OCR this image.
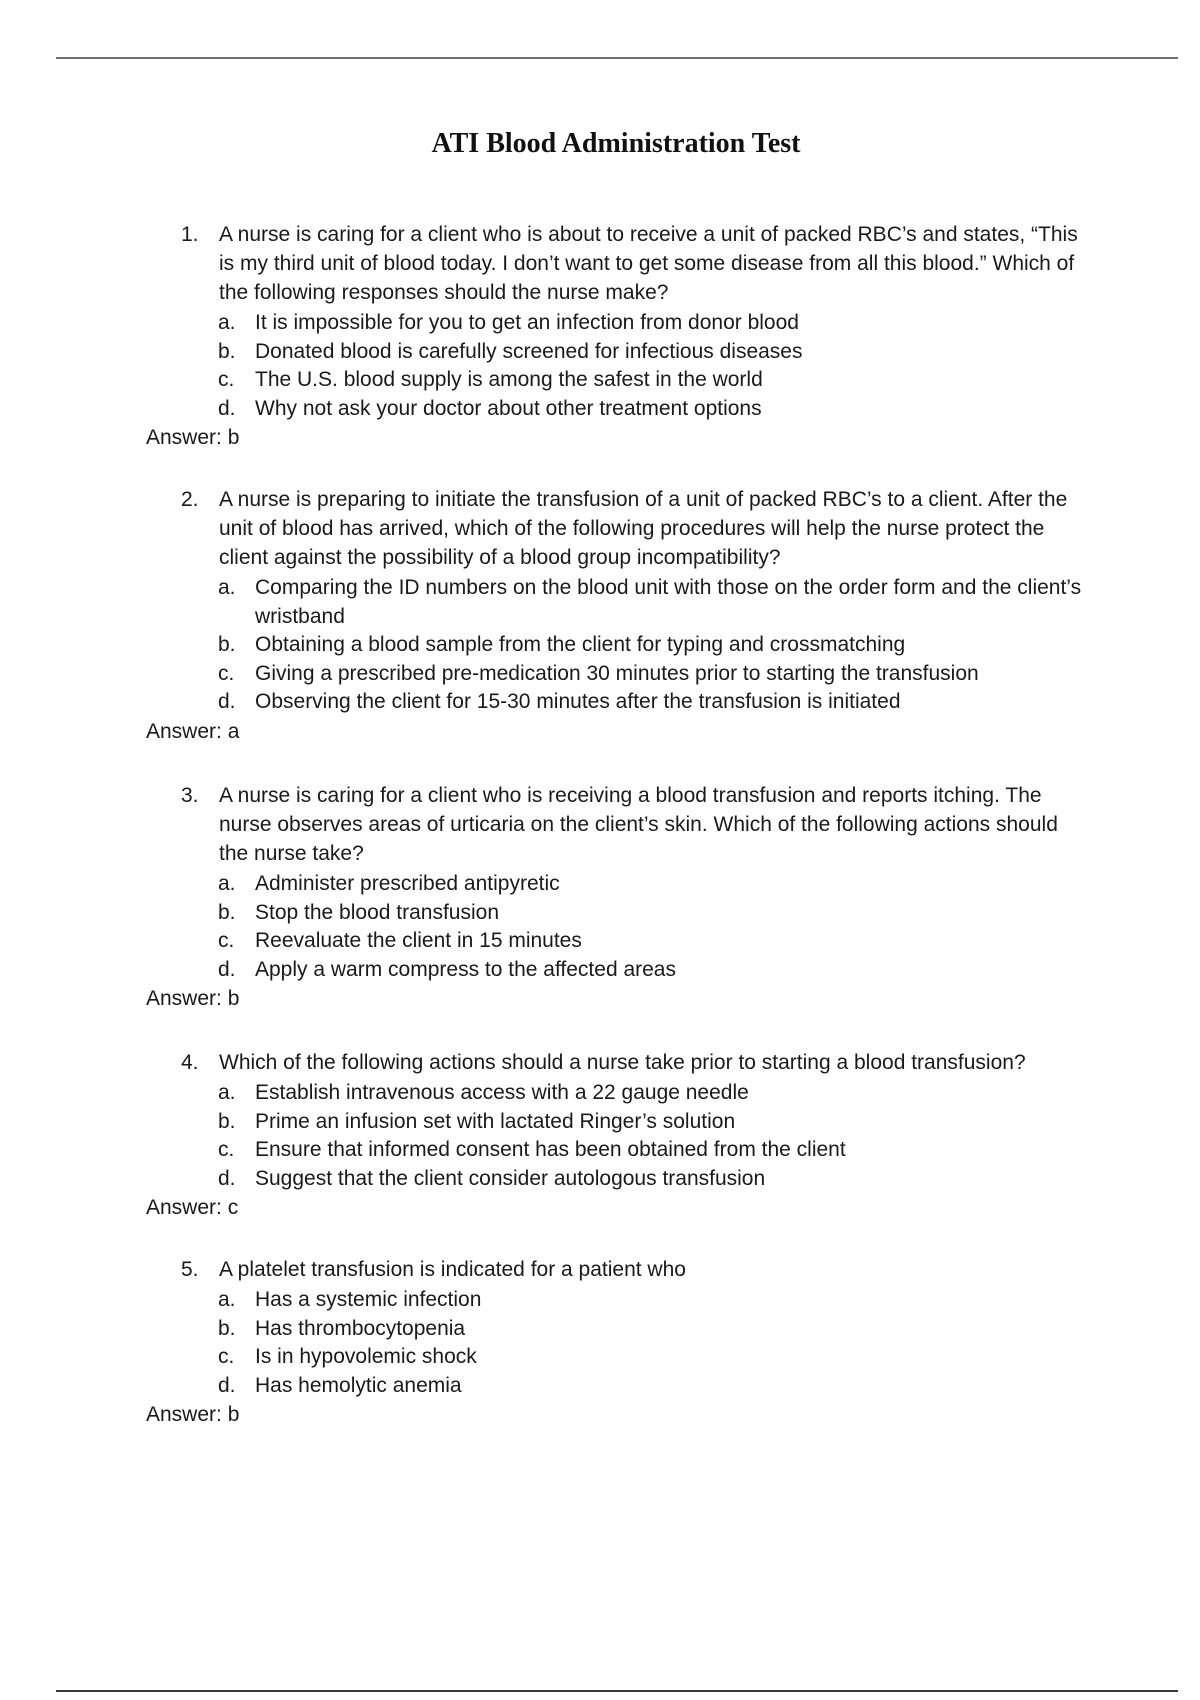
ATI Blood Administration Test
1. A nurse is caring for a client who is about to receive a unit of packed RBC’s and states, “This is my third unit of blood today. I don’t want to get some disease from all this blood.” Which of the following responses should the nurse make?
a. It is impossible for you to get an infection from donor blood
b. Donated blood is carefully screened for infectious diseases
c. The U.S. blood supply is among the safest in the world
d. Why not ask your doctor about other treatment options

Answer: b

2. A nurse is preparing to initiate the transfusion of a unit of packed RBC’s to a client. After the unit of blood has arrived, which of the following procedures will help the nurse protect the client against the possibility of a blood group incompatibility?
a. Comparing the ID numbers on the blood unit with those on the order form and the client’s wristband
b. Obtaining a blood sample from the client for typing and crossmatching
c. Giving a prescribed pre-medication 30 minutes prior to starting the transfusion
d. Observing the client for 15-30 minutes after the transfusion is initiated

Answer: a

3. A nurse is caring for a client who is receiving a blood transfusion and reports itching. The nurse observes areas of urticaria on the client’s skin. Which of the following actions should the nurse take?
a. Administer prescribed antipyretic
b. Stop the blood transfusion
c. Reevaluate the client in 15 minutes
d. Apply a warm compress to the affected areas

Answer: b

4. Which of the following actions should a nurse take prior to starting a blood transfusion?
a. Establish intravenous access with a 22 gauge needle
b. Prime an infusion set with lactated Ringer’s solution
c. Ensure that informed consent has been obtained from the client
d. Suggest that the client consider autologous transfusion

Answer: c

5. A platelet transfusion is indicated for a patient who
a. Has a systemic infection
b. Has thrombocytopenia
c. Is in hypovolemic shock
d. Has hemolytic anemia

Answer: b
